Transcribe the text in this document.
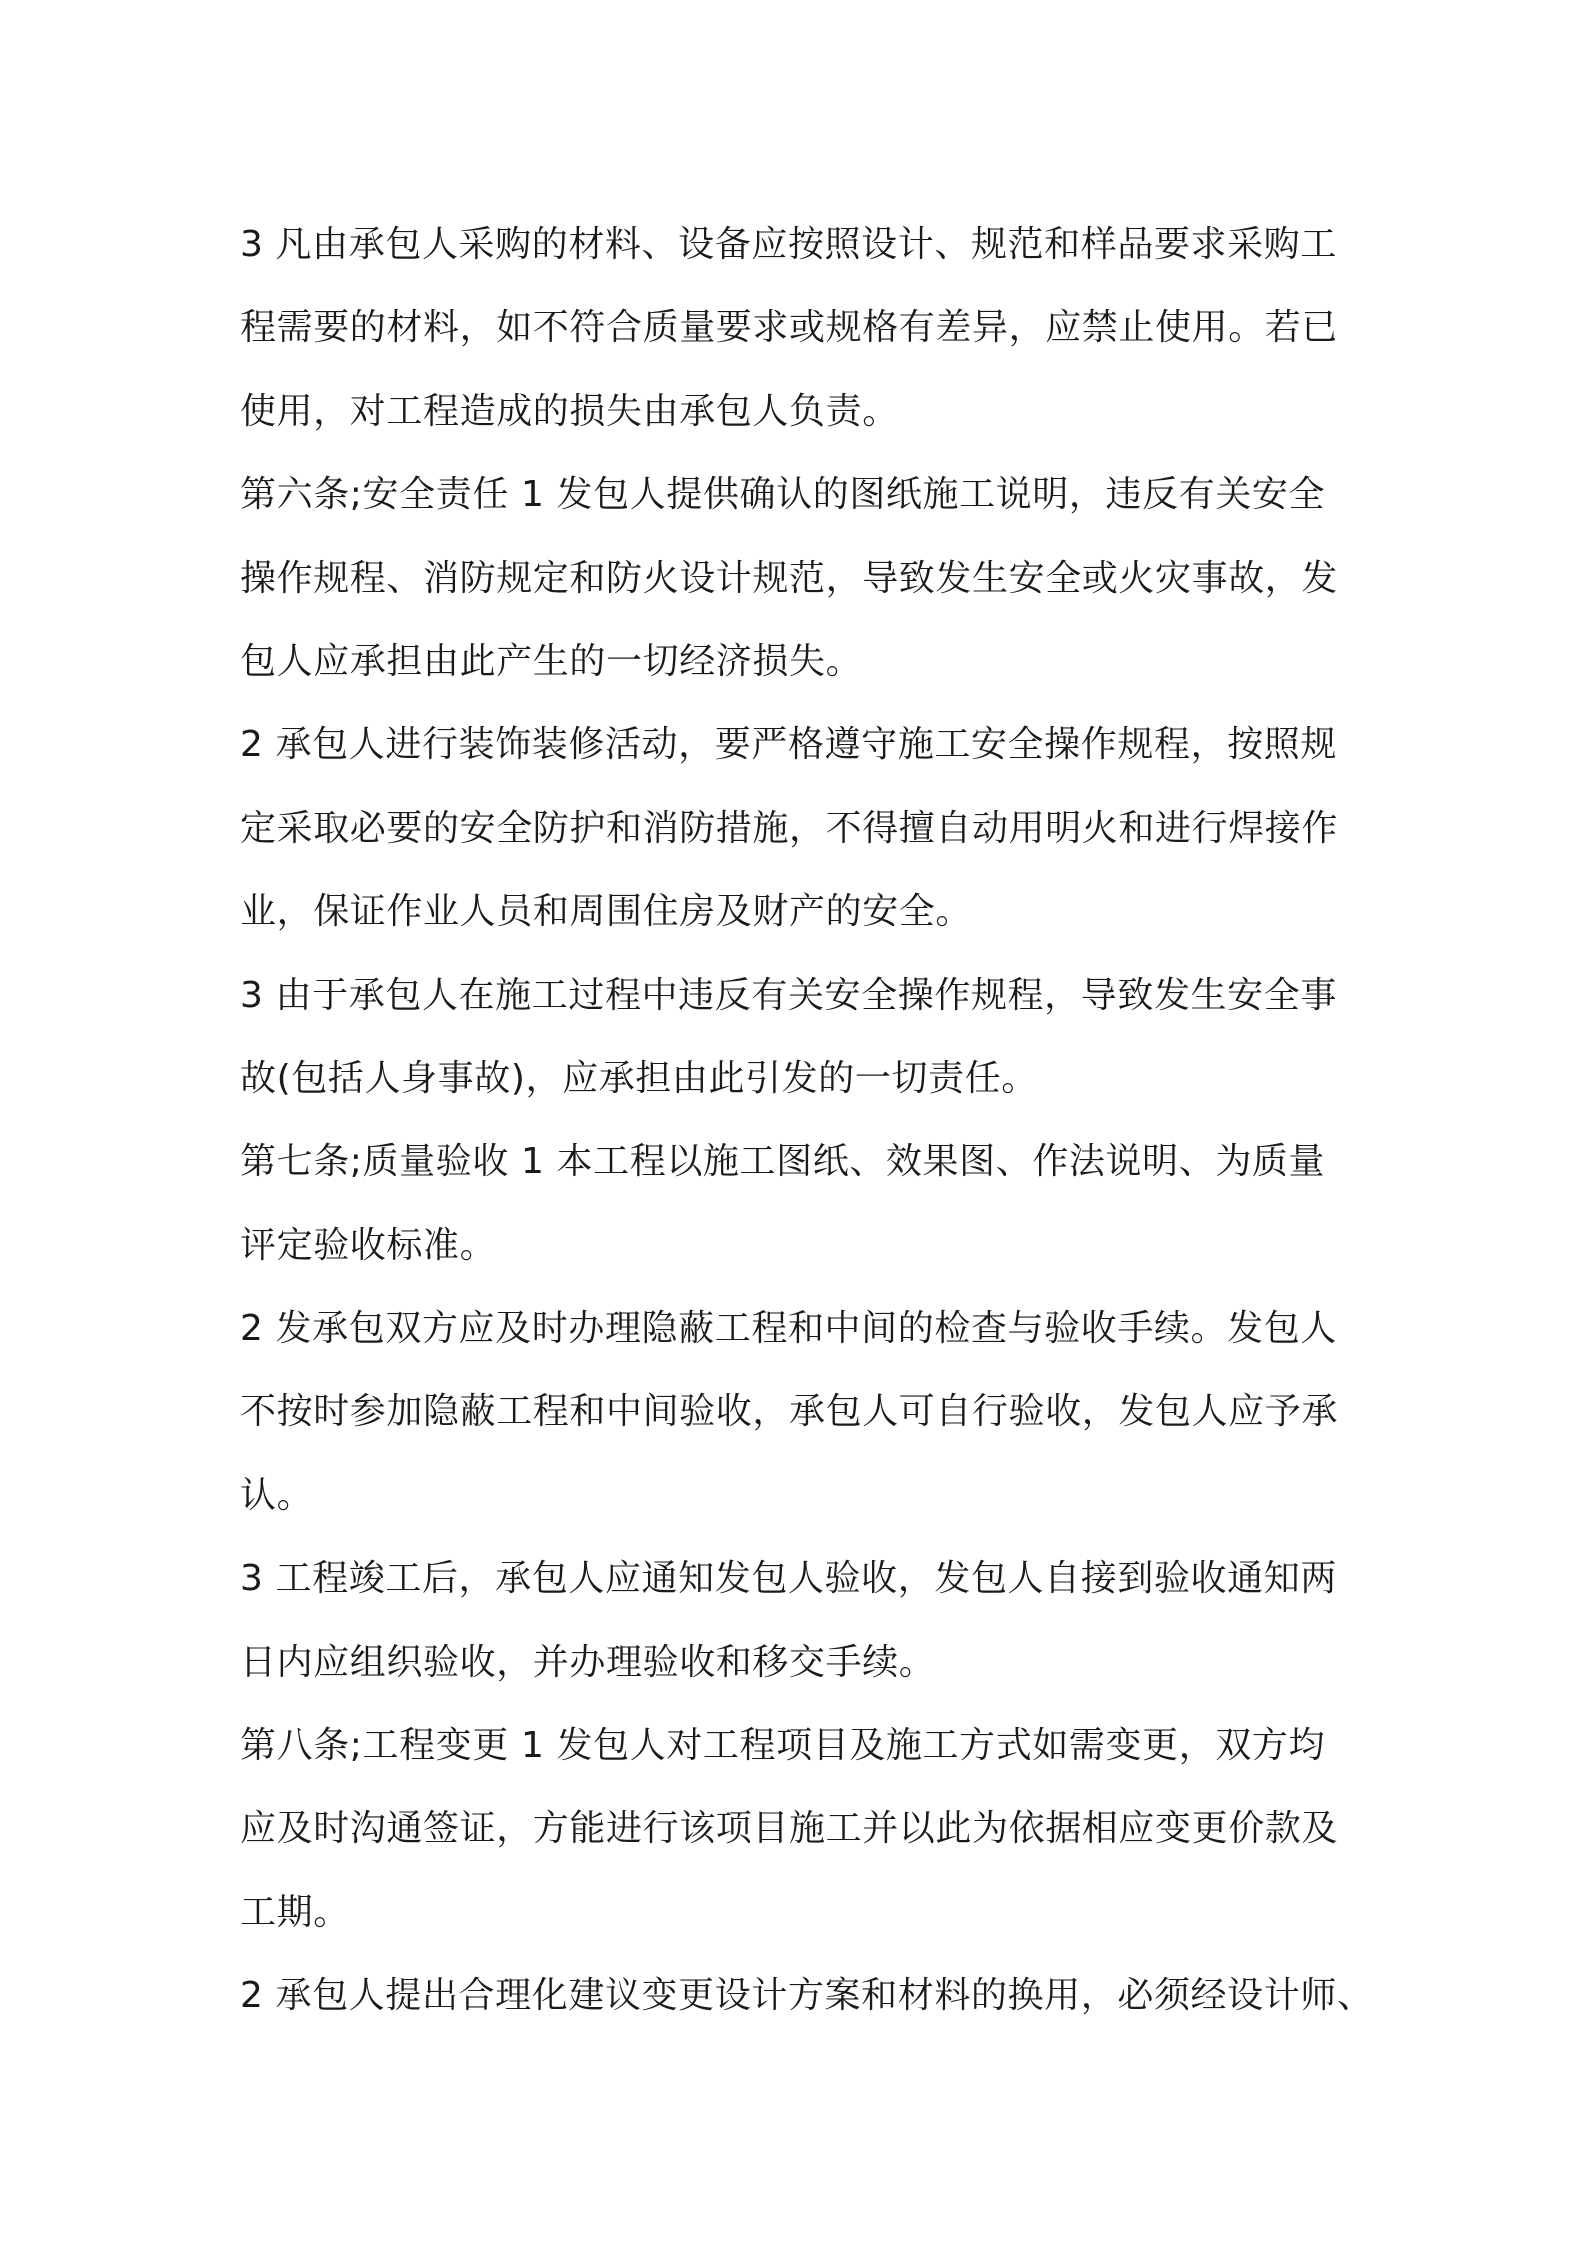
3 凡由承包人采购的材料、设备应按照设计、规范和样品要求采购工
程需要的材料，如不符合质量要求或规格有差异，应禁止使用。若已
使用，对工程造成的损失由承包人负责。
第六条;安全责任 1 发包人提供确认的图纸施工说明，违反有关安全
操作规程、消防规定和防火设计规范，导致发生安全或火灾事故，发
包人应承担由此产生的一切经济损失。
2 承包人进行装饰装修活动，要严格遵守施工安全操作规程，按照规
定采取必要的安全防护和消防措施，不得擅自动用明火和进行焊接作
业，保证作业人员和周围住房及财产的安全。
3 由于承包人在施工过程中违反有关安全操作规程，导致发生安全事
故(包括人身事故)，应承担由此引发的一切责任。
第七条;质量验收 1 本工程以施工图纸、效果图、作法说明、为质量
评定验收标准。
2 发承包双方应及时办理隐蔽工程和中间的检查与验收手续。发包人
不按时参加隐蔽工程和中间验收，承包人可自行验收，发包人应予承
认。
3 工程竣工后，承包人应通知发包人验收，发包人自接到验收通知两
日内应组织验收，并办理验收和移交手续。
第八条;工程变更 1 发包人对工程项目及施工方式如需变更，双方均
应及时沟通签证，方能进行该项目施工并以此为依据相应变更价款及
工期。
2 承包人提出合理化建议变更设计方案和材料的换用，必须经设计师、
